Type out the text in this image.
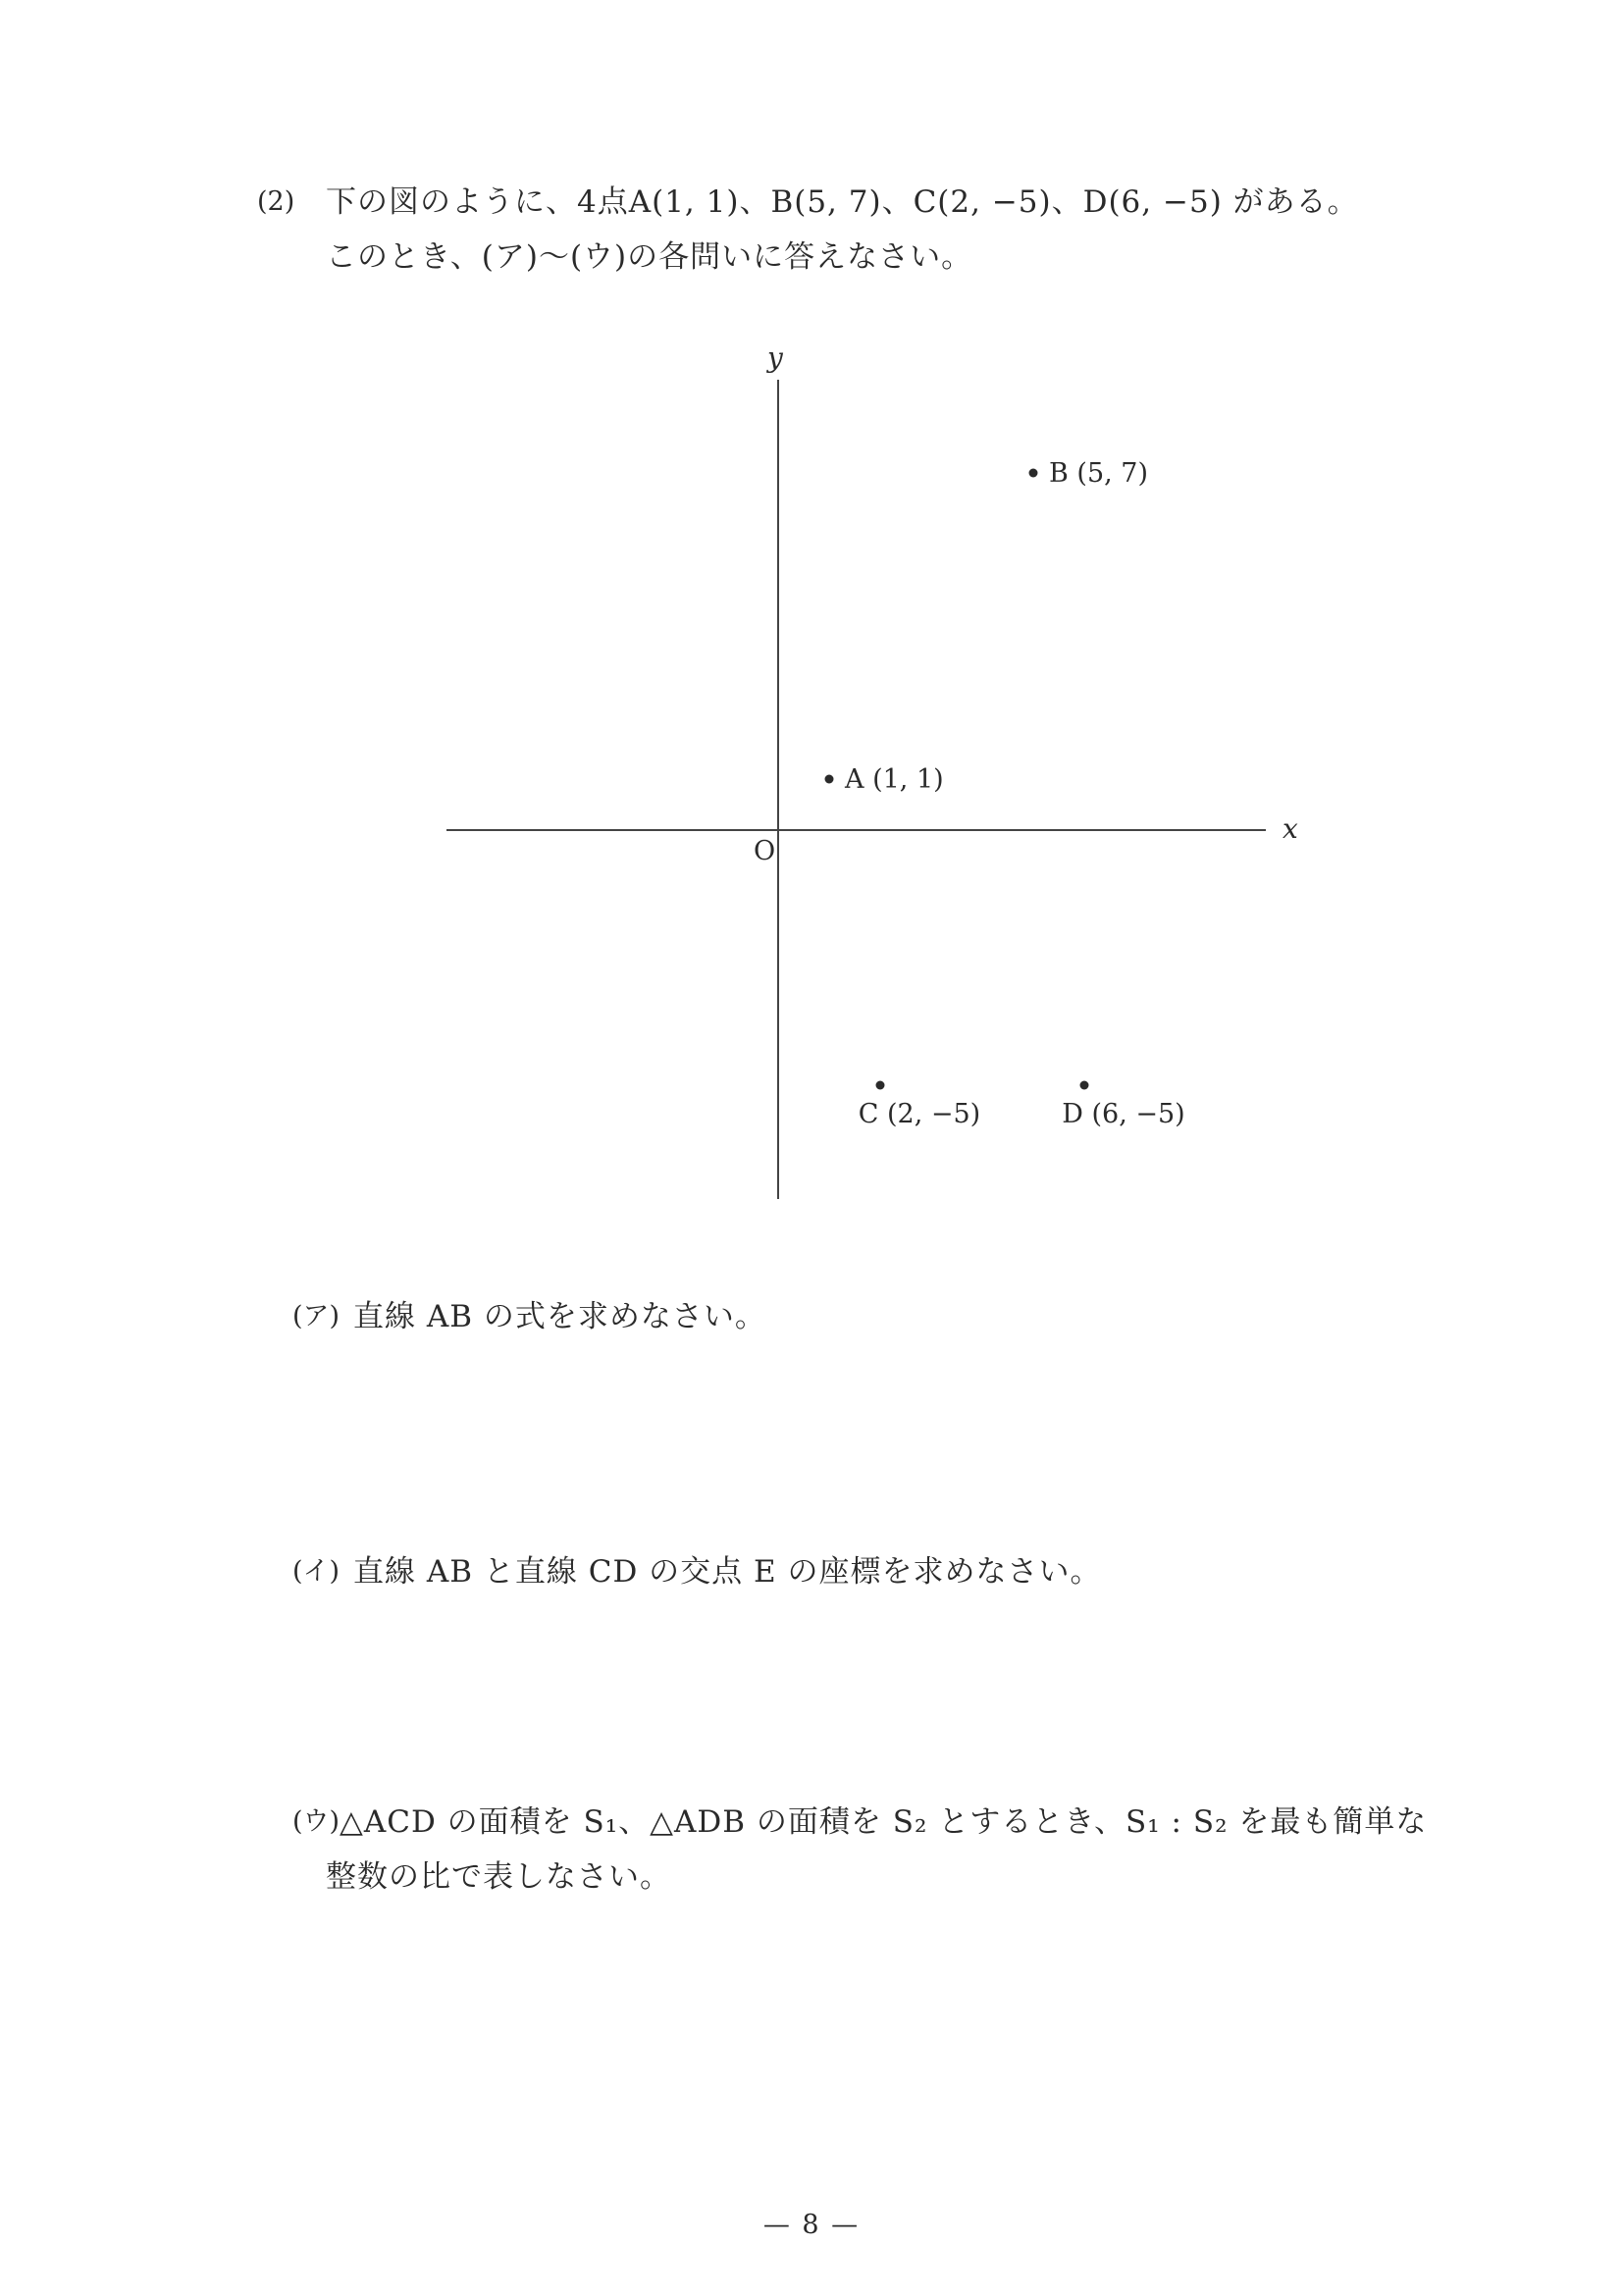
(2) 下の図のように、4点A(1, 1)、B(5, 7)、C(2, −5)、D(6, −5) がある。
このとき、(ア)〜(ウ)の各問いに答えなさい。
y
x
O
A (1, 1)
B (5, 7)
C (2, −5)	D (6, −5)
(ア) 直線 AB の式を求めなさい。
(イ) 直線 AB と直線 CD の交点 E の座標を求めなさい。
(ウ) △ACD の面積を S₁、△ADB の面積を S₂ とするとき、S₁ : S₂ を最も簡単な
整数の比で表しなさい。
— 8 —
